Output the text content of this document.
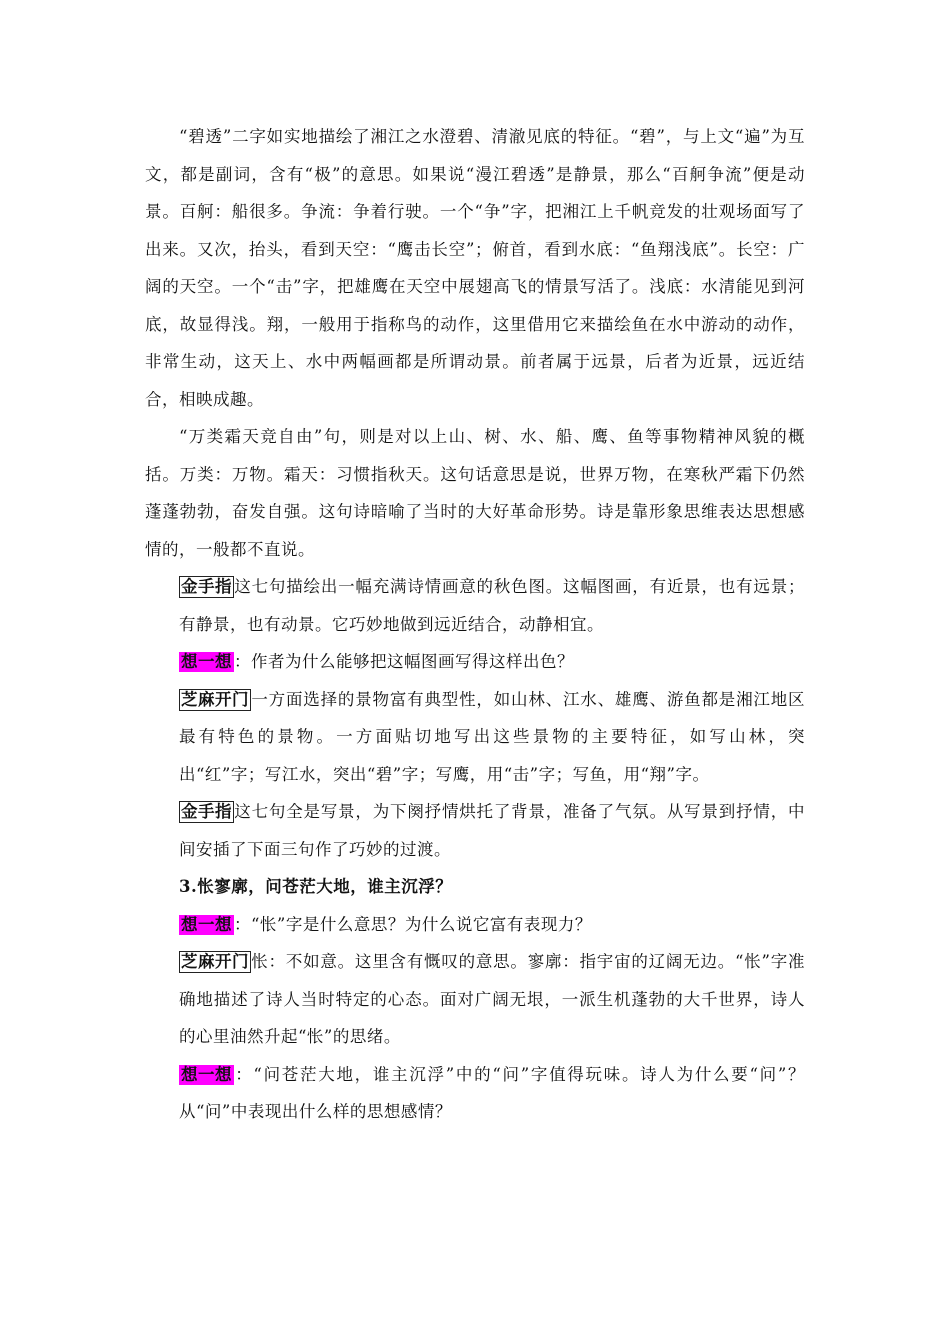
“碧透”二字如实地描绘了湘江之水澄碧、清澈见底的特征。“碧”，与上文“遍”为互文，都是副词，含有“极”的意思。如果说“漫江碧透”是静景，那么“百舸争流”便是动景。百舸：船很多。争流：争着行驶。一个“争”字，把湘江上千帆竞发的壮观场面写了出来。又次，抬头，看到天空：“鹰击长空”；俯首，看到水底：“鱼翔浅底”。长空：广阔的天空。一个“击”字，把雄鹰在天空中展翅高飞的情景写活了。浅底：水清能见到河底，故显得浅。翔，一般用于指称鸟的动作，这里借用它来描绘鱼在水中游动的动作，非常生动，这天上、水中两幅画都是所谓动景。前者属于远景，后者为近景，远近结合，相映成趣。

“万类霜天竞自由”句，则是对以上山、树、水、船、鹰、鱼等事物精神风貌的概括。万类：万物。霜天：习惯指秋天。这句话意思是说，世界万物，在寒秋严霜下仍然蓬蓬勃勃，奋发自强。这句诗暗喻了当时的大好革命形势。诗是靠形象思维表达思想感情的，一般都不直说。

金手指 这七句描绘出一幅充满诗情画意的秋色图。这幅图画，有近景，也有远景；有静景，也有动景。它巧妙地做到远近结合，动静相宜。

想一想 ：作者为什么能够把这幅图画写得这样出色？

芝麻开门 一方面选择的景物富有典型性，如山林、江水、雄鹰、游鱼都是湘江地区最有特色的景物。一方面贴切地写出这些景物的主要特征，如写山林，突出“红”字；写江水，突出“碧”字；写鹰，用“击”字；写鱼，用“翔”字。

金手指 这七句全是写景，为下阕抒情烘托了背景，准备了气氛。从写景到抒情，中间安插了下面三句作了巧妙的过渡。

3.怅寥廓，问苍茫大地，谁主沉浮？

想一想 ：“怅”字是什么意思？为什么说它富有表现力？

芝麻开门 怅：不如意。这里含有慨叹的意思。寥廓：指宇宙的辽阔无边。“怅”字准确地描述了诗人当时特定的心态。面对广阔无垠，一派生机蓬勃的大千世界，诗人的心里油然升起“怅”的思绪。

想一想 ：“问苍茫大地，谁主沉浮”中的“问”字值得玩味。诗人为什么要“问”？从“问”中表现出什么样的思想感情？
